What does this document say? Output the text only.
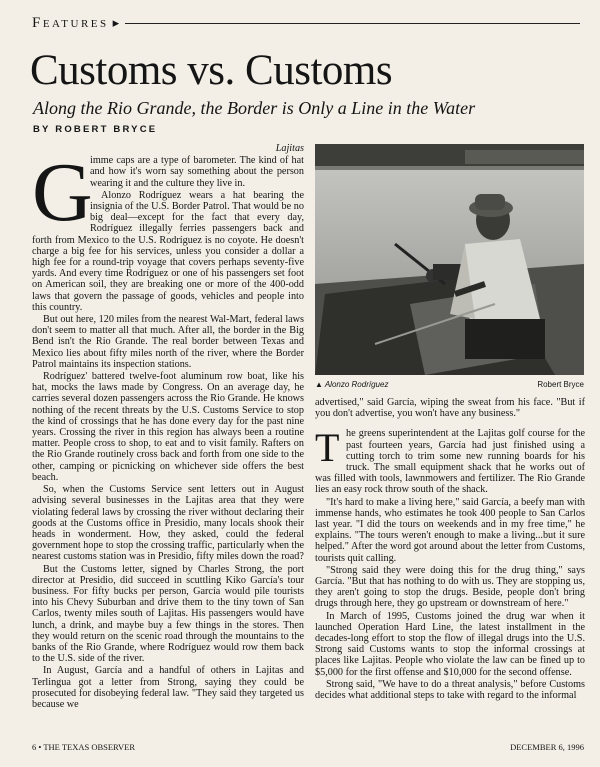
Features ▸
Customs vs. Customs
Along the Rio Grande, the Border is Only a Line in the Water
BY ROBERT BRYCE

Lajitas

G
imme caps are a type of barometer. The kind of hat and how it's worn say something about the person wearing it and the culture they live in.

Alonzo Rodríguez wears a hat bearing the insignia of the U.S. Border Patrol. That would be no big deal—except for the fact that every day, Rodríguez illegally ferries passengers back and forth from Mexico to the U.S. Rodríguez is no coyote. He doesn't charge a big fee for his services, unless you consider a dollar a high fee for a round-trip voyage that covers perhaps seventy-five yards. And every time Rodríguez or one of his passengers set foot on American soil, they are breaking one or more of the 400-odd laws that govern the passage of goods, vehicles and people into this country.

But out here, 120 miles from the nearest Wal-Mart, federal laws don't seem to matter all that much. After all, the border in the Big Bend isn't the Rio Grande. The real border between Texas and Mexico lies about fifty miles north of the river, where the Border Patrol maintains its inspection stations.

Rodríguez' battered twelve-foot aluminum row boat, like his hat, mocks the laws made by Congress. On an average day, he carries several dozen passengers across the Rio Grande. He knows nothing of the recent threats by the U.S. Customs Service to stop the kind of crossings that he has done every day for the past nine years. Crossing the river in this region has always been a routine matter. People cross to shop, to eat and to visit family. Rafters on the Rio Grande routinely cross back and forth from one side to the other, camping or picnicking on whichever side offers the best beach.

So, when the Customs Service sent letters out in August advising several businesses in the Lajitas area that they were violating federal laws by crossing the river without declaring their goods at the Customs office in Presidio, many locals shook their heads in wonderment. How, they asked, could the federal government hope to stop the crossing traffic, particularly when the nearest customs station was in Presidio, fifty miles down the road?

But the Customs letter, signed by Charles Strong, the port director at Presidio, did succeed in scuttling Kiko García's tour business. For fifty bucks per person, García would pile tourists into his Chevy Suburban and drive them to the tiny town of San Carlos, twenty miles south of Lajitas. His passengers would have lunch, a drink, and maybe buy a few things in the stores. Then they would return on the scenic road through the mountains to the banks of the Rio Grande, where Rodríguez would row them back to the U.S. side of the river.

In August, García and a handful of others in Lajitas and Terlingua got a letter from Strong, saying they could be prosecuted for disobeying federal law. "They said they targeted us because we

▲ Alonzo Rodríguez	Robert Bryce

advertised," said García, wiping the sweat from his face. "But if you don't advertise, you won't have any business."

The greens superintendent at the Lajitas golf course for the past fourteen years, García had just finished using a cutting torch to trim some new running boards for his truck. The small equipment shack that he works out of was filled with tools, lawnmowers and fertilizer. The Rio Grande lies an easy rock throw south of the shack.

"It's hard to make a living here," said García, a beefy man with immense hands, who estimates he took 400 people to San Carlos last year. "I did the tours on weekends and in my free time," he explains. "The tours weren't enough to make a living...but it sure helped." After the word got around about the letter from Customs, tourists quit calling.

"Strong said they were doing this for the drug thing," says García. "But that has nothing to do with us. They are stopping us, they aren't going to stop the drugs. Beside, people don't bring drugs through here, they go upstream or downstream of here."

In March of 1995, Customs joined the drug war when it launched Operation Hard Line, the latest installment in the decades-long effort to stop the flow of illegal drugs into the U.S. Strong said Customs wants to stop the informal crossings at places like Lajitas. People who violate the law can be fined up to $5,000 for the first offense and $10,000 for the second offense.

Strong said, "We have to do a threat analysis," before Customs decides what additional steps to take with regard to the informal

6 • THE TEXAS OBSERVER	DECEMBER 6, 1996
